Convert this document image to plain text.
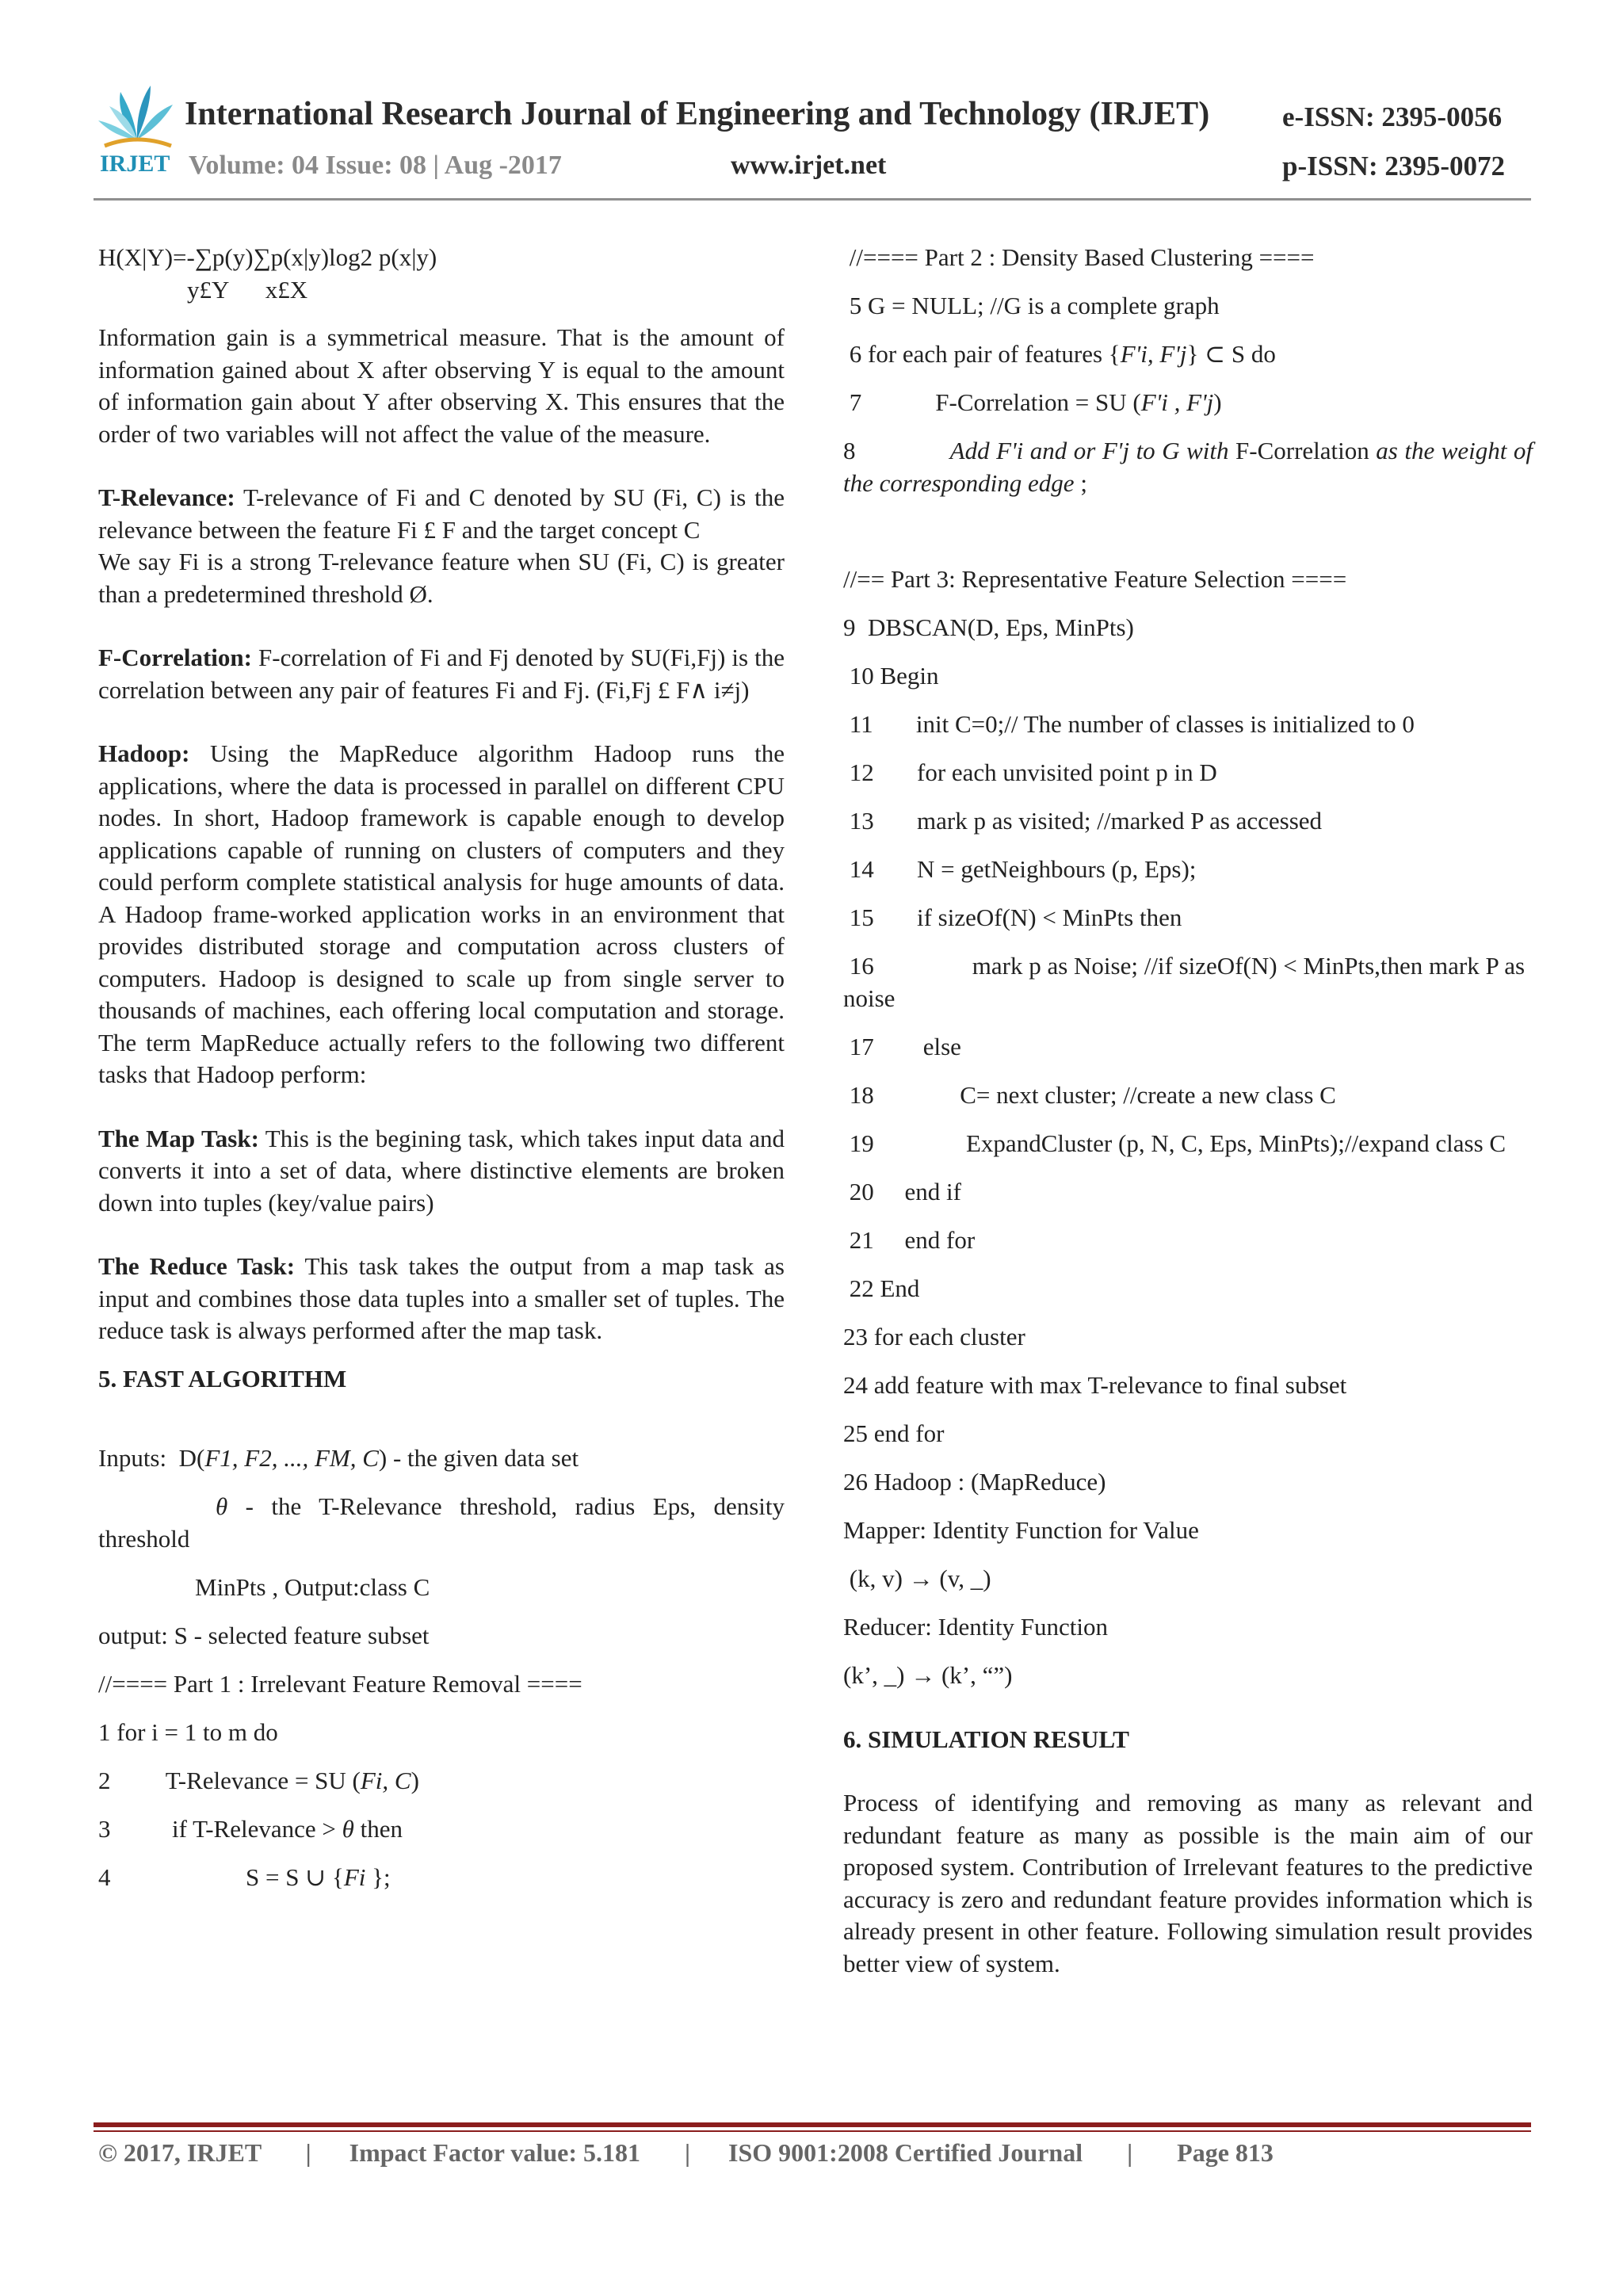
IRJET
International Research Journal of Engineering and Technology (IRJET)	e-ISSN: 2395-0056
Volume: 04 Issue: 08 | Aug -2017	www.irjet.net	p-ISSN: 2395-0072

H(X|Y)=-∑p(y)∑p(x|y)log2 p(x|y)

y£Y      x£X

Information gain is a symmetrical measure. That is the amount of information gained about X after observing Y is equal to the amount of information gain about Y after observing X. This ensures that the order of two variables will not affect the value of the measure.

T-Relevance: T-relevance of Fi and C denoted by SU (Fi, C) is the relevance between the feature Fi £ F and the target concept C

We say Fi is a strong T-relevance feature when SU (Fi, C) is greater than a predetermined threshold Ø.

F-Correlation: F-correlation of Fi and Fj denoted by SU(Fi,Fj) is the correlation between any pair of features Fi and Fj. (Fi,Fj £ F∧ i≠j)

Hadoop: Using the MapReduce algorithm Hadoop runs the applications, where the data is processed in parallel on different CPU nodes. In short, Hadoop framework is capable enough to develop applications capable of running on clusters of computers and they could perform complete statistical analysis for huge amounts of data. A Hadoop frame-worked application works in an environment that provides distributed storage and computation across clusters of computers. Hadoop is designed to scale up from single server to thousands of machines, each offering local computation and storage. The term MapReduce actually refers to the following two different tasks that Hadoop perform:

The Map Task: This is the begining task, which takes input data and converts it into a set of data, where distinctive elements are broken down into tuples (key/value pairs)

The Reduce Task: This task takes the output from a map task as input and combines those data tuples into a smaller set of tuples. The reduce task is always performed after the map task.

5. FAST ALGORITHM

Inputs:  D(F1, F2, ..., FM, C) - the given data set

θ - the T-Relevance threshold, radius Eps, density threshold

MinPts , Output:class C

output: S - selected feature subset

//==== Part 1 : Irrelevant Feature Removal ====

1 for i = 1 to m do

2         T-Relevance = SU (Fi, C)

3          if T-Relevance > θ then

4                      S = S ∪ {Fi };

//==== Part 2 : Density Based Clustering ====

5 G = NULL; //G is a complete graph

6 for each pair of features {F'i, F'j} ⊂ S do

7            F-Correlation = SU (F'i , F'j)

8              Add F'i and or F'j to G with F-Correlation as the weight of the corresponding edge ;

//== Part 3: Representative Feature Selection ====

9  DBSCAN(D, Eps, MinPts)

10 Begin

11       init C=0;// The number of classes is initialized to 0

12       for each unvisited point p in D

13       mark p as visited; //marked P as accessed

14       N = getNeighbours (p, Eps);

15       if sizeOf(N) < MinPts then

16                mark p as Noise; //if sizeOf(N) < MinPts,then mark P as noise

17        else

18              C= next cluster; //create a new class C

19               ExpandCluster (p, N, C, Eps, MinPts);//expand class C

20     end if

21     end for

22 End

23 for each cluster

24 add feature with max T-relevance to final subset

25 end for

26 Hadoop : (MapReduce)

Mapper: Identity Function for Value

(k, v) → (v, _)

Reducer: Identity Function

(k’, _) → (k’, “”)

6. SIMULATION RESULT

Process of identifying and removing as many as relevant and redundant feature as many as possible is the main aim of our proposed system. Contribution of Irrelevant features to the predictive accuracy is zero and redundant feature provides information which is already present in other feature. Following simulation result provides better view of system.

© 2017, IRJET       |      Impact Factor value: 5.181       |      ISO 9001:2008 Certified Journal       |       Page 813
